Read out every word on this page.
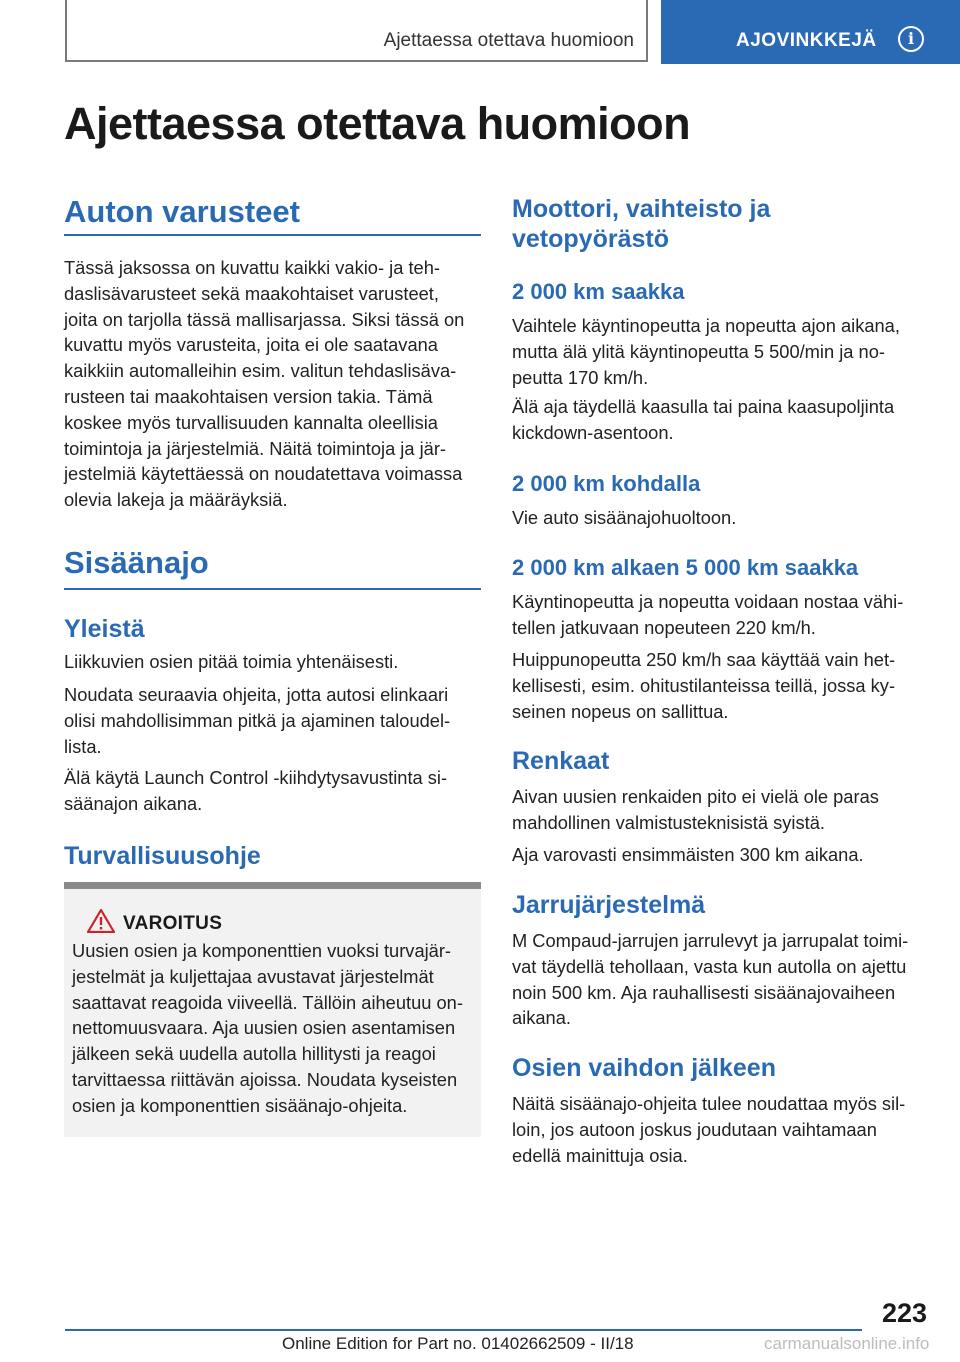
Ajettaessa otettava huomioon	AJOVINKKEJÄ	i
Ajettaessa otettava huomioon
Auton varusteet

Tässä jaksossa on kuvattu kaikki vakio- ja teh-
daslisävarusteet sekä maakohtaiset varusteet,
joita on tarjolla tässä mallisarjassa. Siksi tässä on
kuvattu myös varusteita, joita ei ole saatavana
kaikkiin automalleihin esim. valitun tehdaslisäva-
rusteen tai maakohtaisen version takia. Tämä
koskee myös turvallisuuden kannalta oleellisia
toimintoja ja järjestelmiä. Näitä toimintoja ja jär-
jestelmiä käytettäessä on noudatettava voimassa
olevia lakeja ja määräyksiä.

Sisäänajo
Yleistä

Liikkuvien osien pitää toimia yhtenäisesti.

Noudata seuraavia ohjeita, jotta autosi elinkaari
olisi mahdollisimman pitkä ja ajaminen taloudel-
lista.

Älä käytä Launch Control -kiihdytysavustinta si-
säänajon aikana.

Turvallisuusohje
VAROITUS

Uusien osien ja komponenttien vuoksi turvajär-
jestelmät ja kuljettajaa avustavat järjestelmät
saattavat reagoida viiveellä. Tällöin aiheutuu on-
nettomuusvaara. Aja uusien osien asentamisen
jälkeen sekä uudella autolla hillitysti ja reagoi
tarvittaessa riittävän ajoissa. Noudata kyseisten
osien ja komponenttien sisäänajo-ohjeita.

Moottori, vaihteisto ja
vetopyörästö
2 000 km saakka

Vaihtele käyntinopeutta ja nopeutta ajon aikana,
mutta älä ylitä käyntinopeutta 5 500/min ja no-
peutta 170 km/h.

Älä aja täydellä kaasulla tai paina kaasupoljinta
kickdown-asentoon.

2 000 km kohdalla

Vie auto sisäänajohuoltoon.

2 000 km alkaen 5 000 km saakka

Käyntinopeutta ja nopeutta voidaan nostaa vähi-
tellen jatkuvaan nopeuteen 220 km/h.

Huippunopeutta 250 km/h saa käyttää vain het-
kellisesti, esim. ohitustilanteissa teillä, jossa ky-
seinen nopeus on sallittua.

Renkaat

Aivan uusien renkaiden pito ei vielä ole paras
mahdollinen valmistusteknisistä syistä.

Aja varovasti ensimmäisten 300 km aikana.

Jarrujärjestelmä

M Compaud-jarrujen jarrulevyt ja jarrupalat toimi-
vat täydellä tehollaan, vasta kun autolla on ajettu
noin 500 km. Aja rauhallisesti sisäänajovaiheen
aikana.

Osien vaihdon jälkeen

Näitä sisäänajo-ohjeita tulee noudattaa myös sil-
loin, jos autoon joskus joudutaan vaihtamaan
edellä mainittuja osia.

223
Online Edition for Part no. 01402662509 - II/18	carmanualsonline.info
